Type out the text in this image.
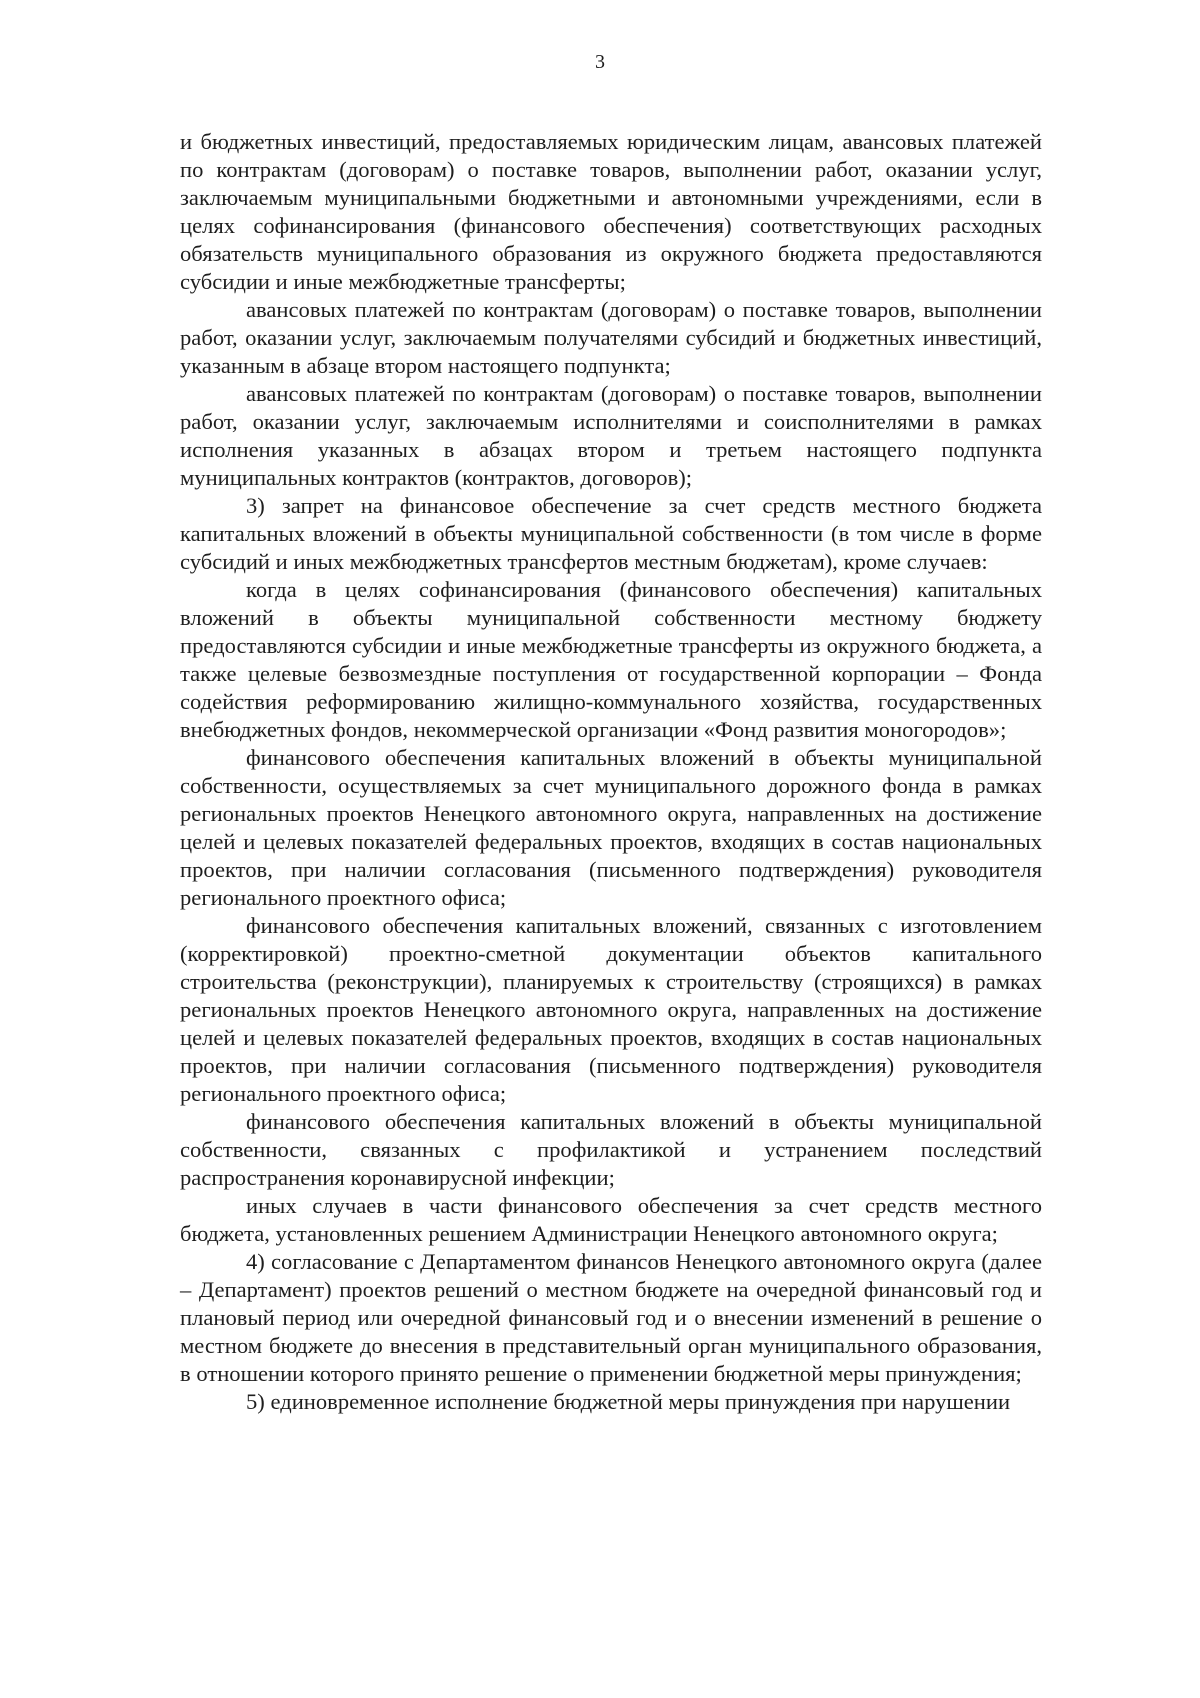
3

и бюджетных инвестиций, предоставляемых юридическим лицам, авансовых платежей по контрактам (договорам) о поставке товаров, выполнении работ, оказании услуг, заключаемым муниципальными бюджетными и автономными учреждениями, если в целях софинансирования (финансового обеспечения) соответствующих расходных обязательств муниципального образования из окружного бюджета предоставляются субсидии и иные межбюджетные трансферты;

авансовых платежей по контрактам (договорам) о поставке товаров, выполнении работ, оказании услуг, заключаемым получателями субсидий и бюджетных инвестиций, указанным в абзаце втором настоящего подпункта;

авансовых платежей по контрактам (договорам) о поставке товаров, выполнении работ, оказании услуг, заключаемым исполнителями и соисполнителями в рамках исполнения указанных в абзацах втором и третьем настоящего подпункта муниципальных контрактов (контрактов, договоров);

3) запрет на финансовое обеспечение за счет средств местного бюджета капитальных вложений в объекты муниципальной собственности (в том числе в форме субсидий и иных межбюджетных трансфертов местным бюджетам), кроме случаев:

когда в целях софинансирования (финансового обеспечения) капитальных вложений в объекты муниципальной собственности местному бюджету предоставляются субсидии и иные межбюджетные трансферты из окружного бюджета, а также целевые безвозмездные поступления от государственной корпорации – Фонда содействия реформированию жилищно-коммунального хозяйства, государственных внебюджетных фондов, некоммерческой организации «Фонд развития моногородов»;

финансового обеспечения капитальных вложений в объекты муниципальной собственности, осуществляемых за счет муниципального дорожного фонда в рамках региональных проектов Ненецкого автономного округа, направленных на достижение целей и целевых показателей федеральных проектов, входящих в состав национальных проектов, при наличии согласования (письменного подтверждения) руководителя регионального проектного офиса;

финансового обеспечения капитальных вложений, связанных с изготовлением (корректировкой) проектно-сметной документации объектов капитального строительства (реконструкции), планируемых к строительству (строящихся) в рамках региональных проектов Ненецкого автономного округа, направленных на достижение целей и целевых показателей федеральных проектов, входящих в состав национальных проектов, при наличии согласования (письменного подтверждения) руководителя регионального проектного офиса;

финансового обеспечения капитальных вложений в объекты муниципальной собственности, связанных с профилактикой и устранением последствий распространения коронавирусной инфекции;

иных случаев в части финансового обеспечения за счет средств местного бюджета, установленных решением Администрации Ненецкого автономного округа;

4) согласование с Департаментом финансов Ненецкого автономного округа (далее – Департамент) проектов решений о местном бюджете на очередной финансовый год и плановый период или очередной финансовый год и о внесении изменений в решение о местном бюджете до внесения в представительный орган муниципального образования, в отношении которого принято решение о применении бюджетной меры принуждения;

5) единовременное исполнение бюджетной меры принуждения при нарушении
